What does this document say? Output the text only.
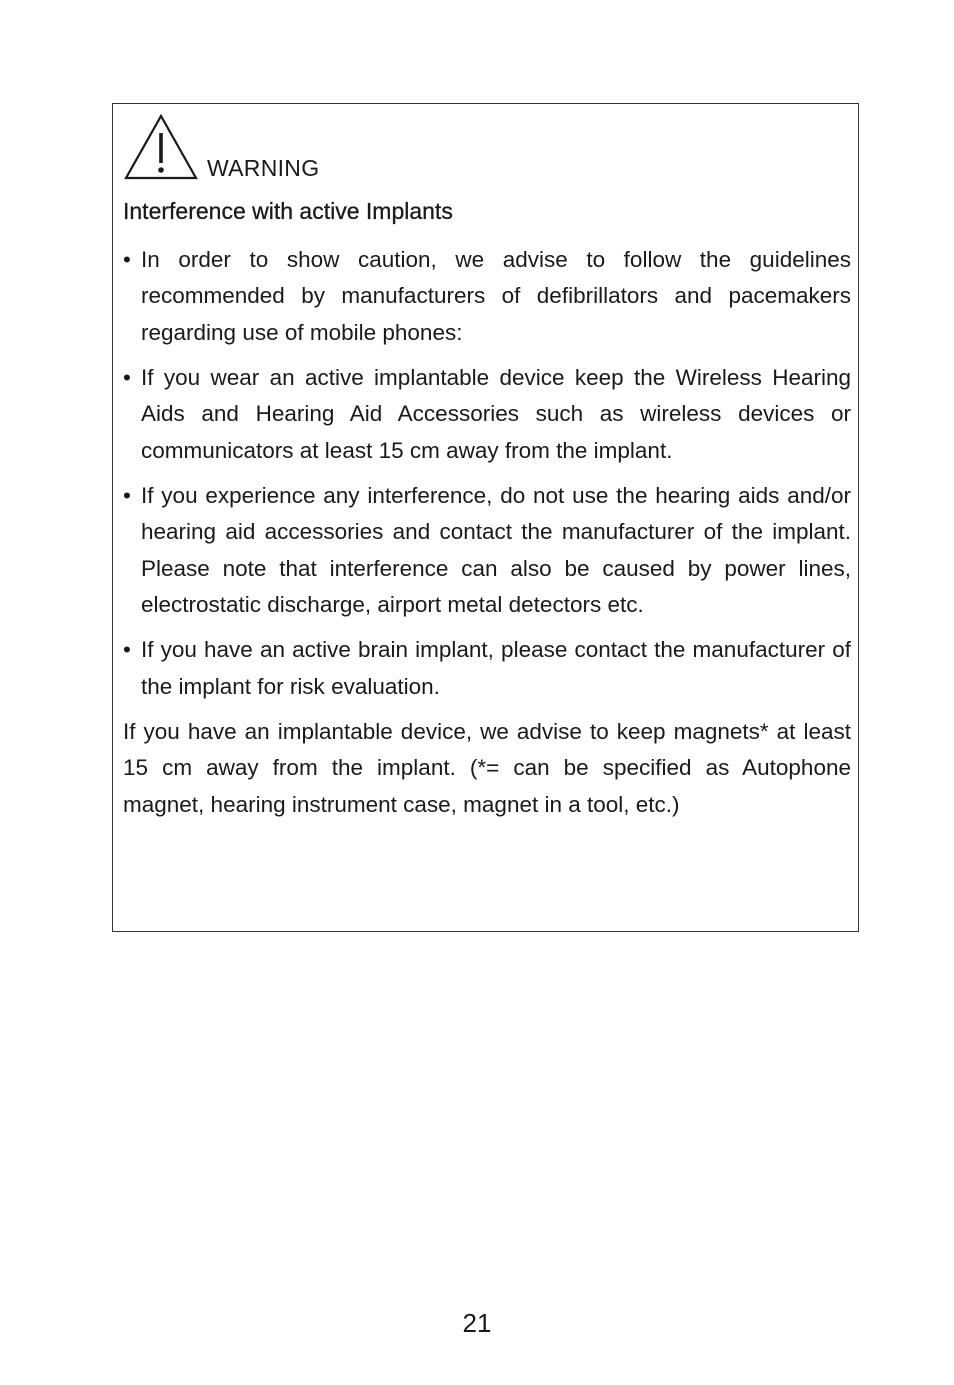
WARNING
Interference with active Implants
• In order to show caution, we advise to follow the guidelines recommended by manufacturers of defibrillators and pacemakers regarding use of mobile phones:
• If you wear an active implantable device keep the Wireless Hearing Aids and Hearing Aid Accessories such as wireless devices or communicators at least 15 cm away from the implant.
• If you experience any interference, do not use the hearing aids and/or hearing aid accessories and contact the manufacturer of the implant. Please note that interference can also be caused by power lines, electrostatic discharge, airport metal detectors etc.
• If you have an active brain implant, please contact the manufacturer of the implant for risk evaluation.

If you have an implantable device, we advise to keep magnets* at least 15 cm away from the implant. (*= can be specified as Autophone magnet, hearing instrument case, magnet in a tool, etc.)

21
